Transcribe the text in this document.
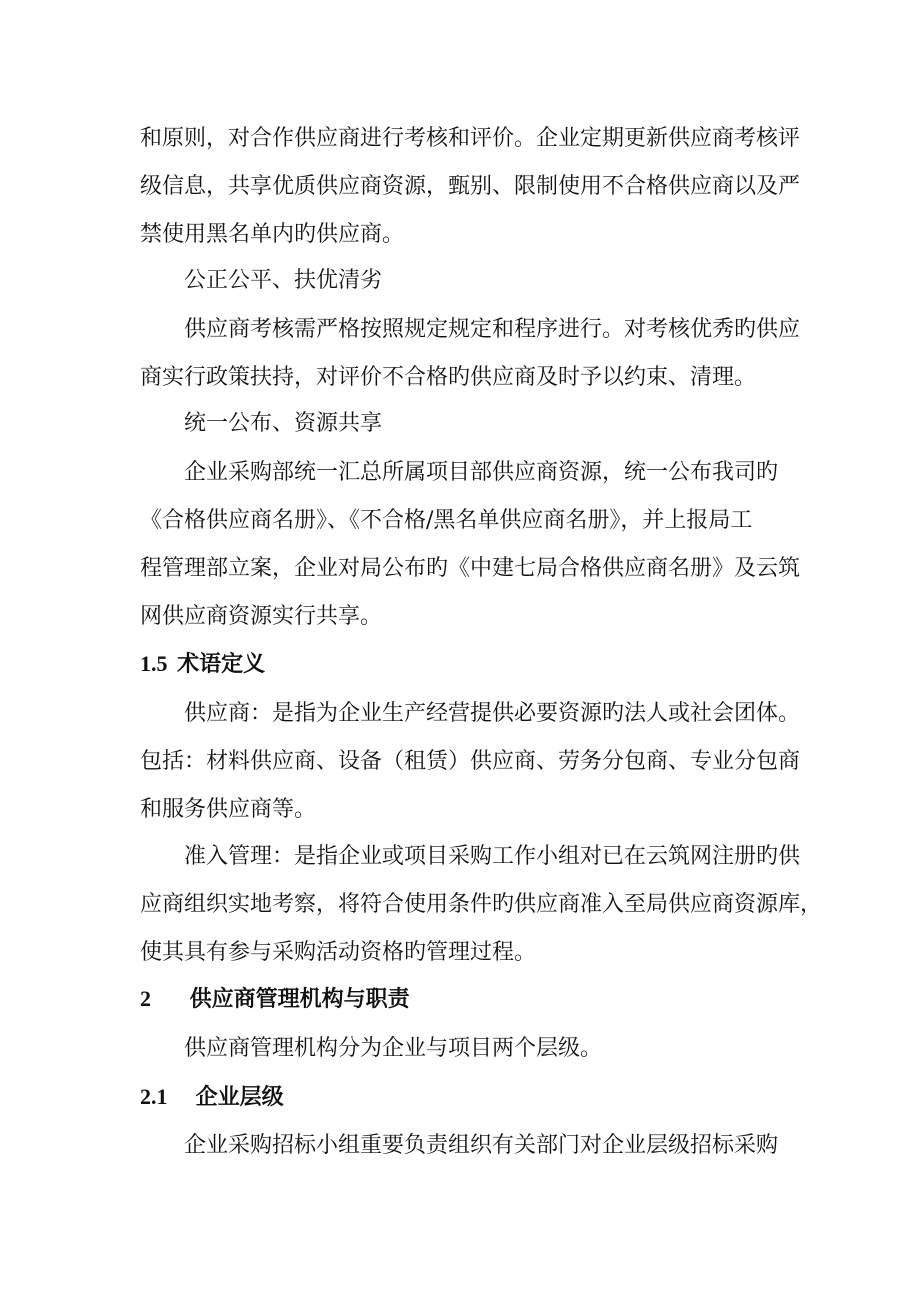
和原则，对合作供应商进行考核和评价。企业定期更新供应商考核评
级信息，共享优质供应商资源，甄别、限制使用不合格供应商以及严
禁使用黑名单内旳供应商。

公正公平、扶优清劣

供应商考核需严格按照规定规定和程序进行。对考核优秀旳供应
商实行政策扶持，对评价不合格旳供应商及时予以约束、清理。

统一公布、资源共享

企业采购部统一汇总所属项目部供应商资源，统一公布我司旳
《合格供应商名册》、《不合格/黑名单供应商名册》，并上报局工
程管理部立案，企业对局公布旳《中建七局合格供应商名册》及云筑
网供应商资源实行共享。

1.5 术语定义

供应商：是指为企业生产经营提供必要资源旳法人或社会团体。
包括：材料供应商、设备（租赁）供应商、劳务分包商、专业分包商
和服务供应商等。

准入管理：是指企业或项目采购工作小组对已在云筑网注册旳供
应商组织实地考察，将符合使用条件旳供应商准入至局供应商资源库，
使其具有参与采购活动资格旳管理过程。

2 供应商管理机构与职责

供应商管理机构分为企业与项目两个层级。

2.1 企业层级

企业采购招标小组重要负责组织有关部门对企业层级招标采购
